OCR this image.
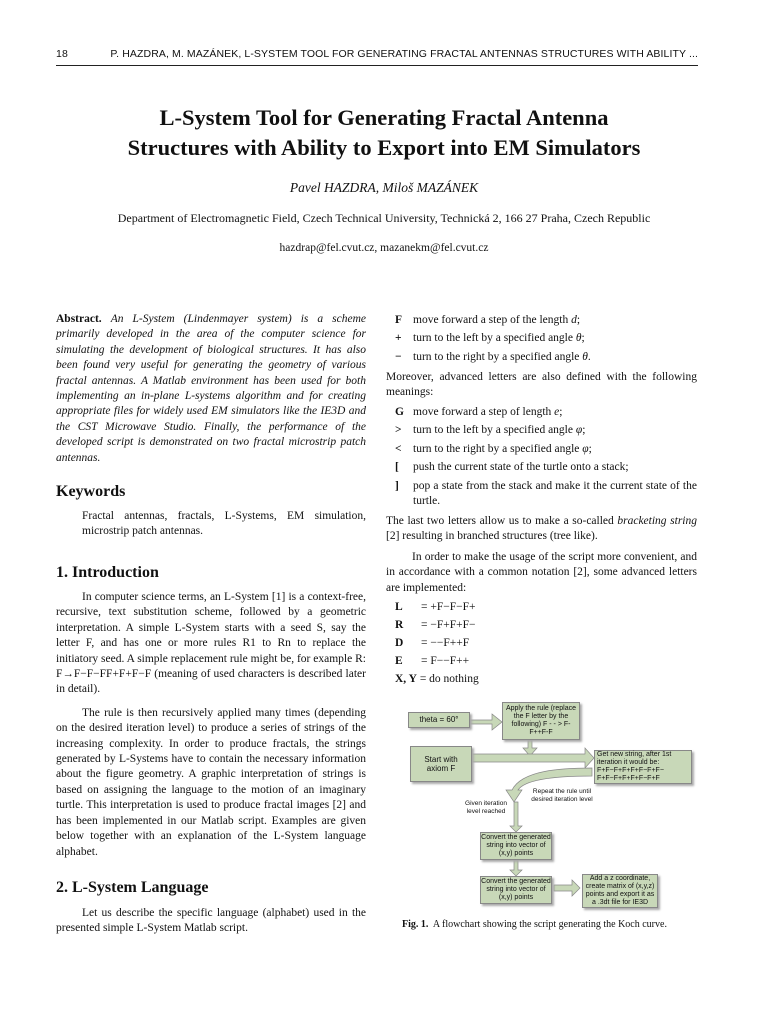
18	P. HAZDRA, M. MAZÁNEK, L-SYSTEM TOOL FOR GENERATING FRACTAL ANTENNAS STRUCTURES WITH ABILITY ...
L-System Tool for Generating Fractal Antenna
Structures with Ability to Export into EM Simulators
Pavel HAZDRA, Miloš MAZÁNEK
Department of Electromagnetic Field, Czech Technical University, Technická 2, 166 27 Praha, Czech Republic
hazdrap@fel.cvut.cz, mazanekm@fel.cvut.cz
Abstract. An L-System (Lindenmayer system) is a scheme primarily developed in the area of the computer science for simulating the development of biological structures. It has also been found very useful for generating the geometry of various fractal antennas. A Matlab environment has been used for both implementing an in-plane L-systems algorithm and for creating appropriate files for widely used EM simulators like the IE3D and the CST Microwave Studio. Finally, the performance of the developed script is demonstrated on two fractal microstrip patch antennas.
Keywords
Fractal antennas, fractals, L-Systems, EM simulation, microstrip patch antennas.
1. Introduction

In computer science terms, an L-System [1] is a context-free, recursive, text substitution scheme, followed by a geometric interpretation. A simple L-System starts with a seed S, say the letter F, and has one or more rules R1 to Rn to replace the initiatory seed. A simple replacement rule might be, for example R: F→F−F−FF+F+F−F (meaning of used characters is described later in detail).

The rule is then recursively applied many times (depending on the desired iteration level) to produce a series of strings of the increasing complexity. In order to produce fractals, the strings generated by L-Systems have to contain the necessary information about the figure geometry. A graphic interpretation of strings is based on assigning the language to the motion of an imaginary turtle. This interpretation is used to produce fractal images [2] and has been implemented in our Matlab script. Examples are given below together with an explanation of the L-System language alphabet.

2. L-System Language

Let us describe the specific language (alphabet) used in the presented simple L-System Matlab script.

F move forward a step of the length d;
+ turn to the left by a specified angle θ;
− turn to the right by a specified angle θ.
Moreover, advanced letters are also defined with the following meanings:
G move forward a step of length e;
> turn to the left by a specified angle φ;
< turn to the right by a specified angle φ;
[	push the current state of the turtle onto a stack;
]	pop a state from the stack and make it the current state of the turtle.
The last two letters allow us to make a so-called bracketing string [2] resulting in branched structures (tree like).

In order to make the usage of the script more convenient, and in accordance with a common notation [2], some advanced letters are implemented:

L = +F−F−F+
R = −F+F+F−
D = −−F++F
E = F−−F++
X, Y = do nothing
theta = 60°
Apply the rule (replace the F letter by the following) F - - > F-F++F-F
Start with axiom F
Get new string, after 1st iteration it would be: F+F−F+F+F+F−F+F− F+F−F+F+F+F−F+F
Repeat the rule until desired iteration level
Given iteration level reached
Convert the generated string into vector of (x,y) points
Convert the generated string into vector of (x,y) points
Add a z coordinate, create matrix of (x,y,z) points and export it as a .3dt file for IE3D
Fig. 1. A flowchart showing the script generating the Koch curve.
